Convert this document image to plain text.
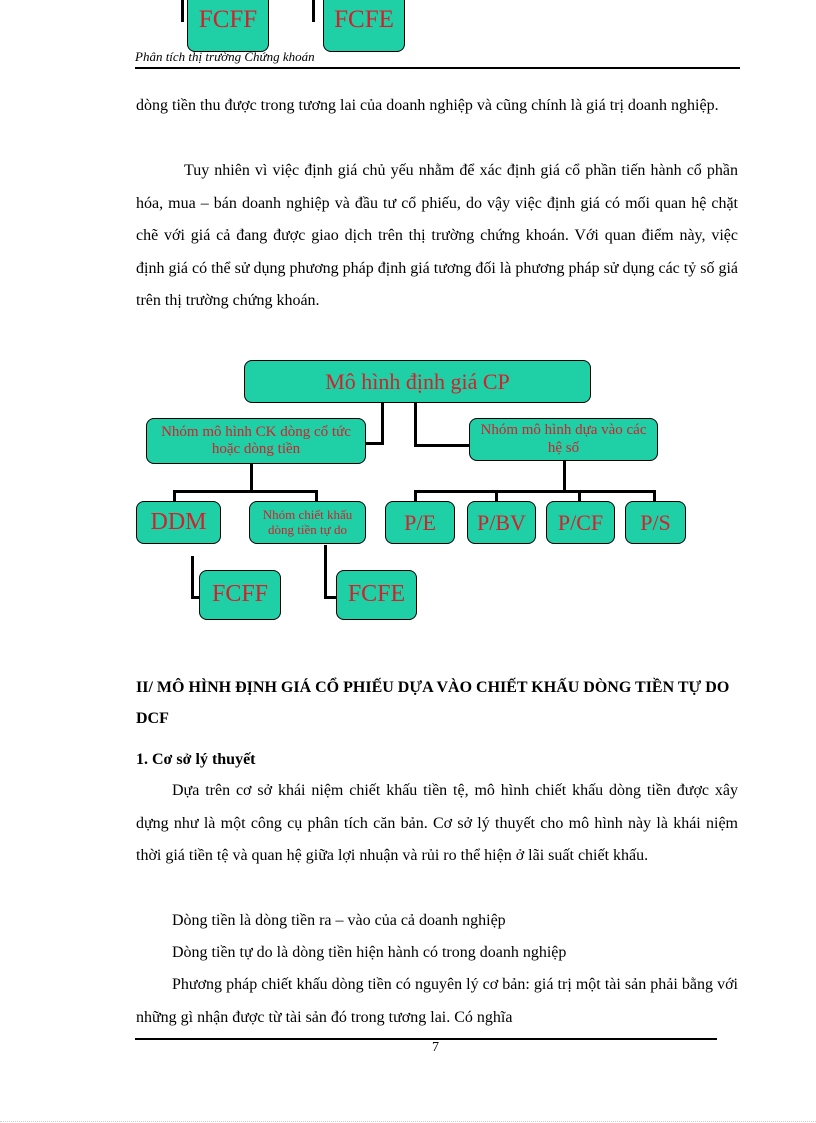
FCFF	FCFE
Phân tích thị trường Chứng khoán

dòng tiền thu được trong tương lai của doanh nghiệp và cũng chính là giá trị doanh nghiệp.

Tuy nhiên vì việc định giá chủ yếu nhằm để xác định giá cổ phần tiến hành cổ phần hóa, mua – bán doanh nghiệp và đầu tư cổ phiếu, do vậy việc định giá có mối quan hệ chặt chẽ với giá cả đang được giao dịch trên thị trường chứng khoán. Với quan điểm này, việc định giá có thể sử dụng phương pháp định giá tương đối là phương pháp sử dụng các tỷ số giá trên thị trường chứng khoán.

Mô hình định giá CP
Nhóm mô hình CK dòng cổ tức hoặc dòng tiền
Nhóm mô hình dựa vào các hệ số
DDM	Nhóm chiết khấu dòng tiền tự do	P/E	P/BV	P/CF	P/S
FCFF	FCFE

II/ MÔ HÌNH ĐỊNH GIÁ CỔ PHIẾU DỰA VÀO CHIẾT KHẤU DÒNG TIỀN TỰ DO DCF

1. Cơ sở lý thuyết

Dựa trên cơ sở khái niệm chiết khấu tiền tệ, mô hình chiết khấu dòng tiền được xây dựng như là một công cụ phân tích căn bản. Cơ sở lý thuyết cho mô hình này là khái niệm thời giá tiền tệ và quan hệ giữa lợi nhuận và rủi ro thể hiện ở lãi suất chiết khấu.

Dòng tiền là dòng tiền ra – vào của cả doanh nghiệp

Dòng tiền tự do là dòng tiền hiện hành có trong doanh nghiệp

Phương pháp chiết khấu dòng tiền có nguyên lý cơ bản: giá trị một tài sản phải bằng với những gì nhận được từ tài sản đó trong tương lai. Có nghĩa

7
